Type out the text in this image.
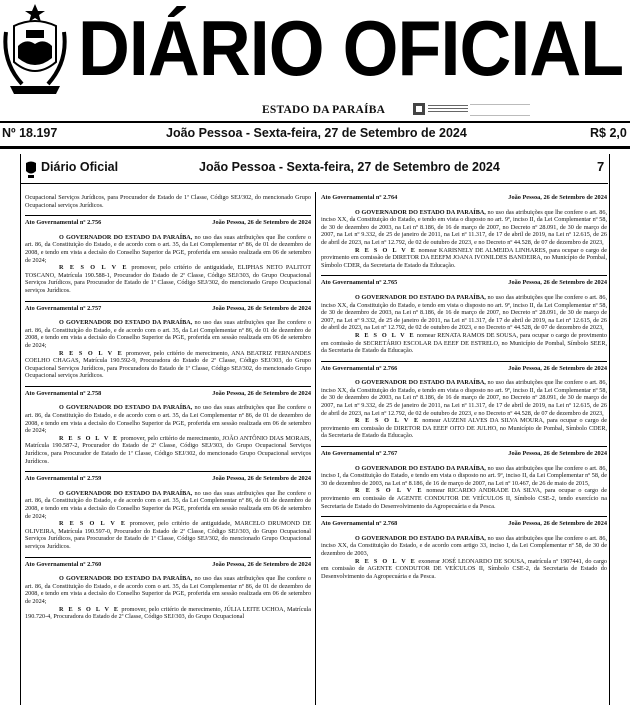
DIÁRIO OFICIAL
ESTADO DA PARAÍBA
Nº 18.197	João Pessoa - Sexta-feira, 27 de Setembro de 2024	R$ 2,0
Diário Oficial	João Pessoa - Sexta-feira, 27 de Setembro de 2024	7
Ocupacional Serviços Jurídicos, para Procurador de Estado de 1ª Classe, Código SEJ/302, do mencionado Grupo Ocupacional serviços Jurídicos.
Ato Governamental nº 2.756	João Pessoa, 26 de Setembro de 2024
O GOVERNADOR DO ESTADO DA PARAÍBA, no uso das suas atribuições que lhe confere o art. 86, da Constituição do Estado, e de acordo com o art. 35, da Lei Complementar nº 86, de 01 de dezembro de 2008, e tendo em vista a decisão do Conselho Superior da PGE, proferida em sessão realizada em 06 de setembro de 2024;
R E S O L V E promover, pelo critério de antiguidade, ELIPHAS NETO PALITOT TOSCANO, Matrícula 190.588-1, Procurador do Estado de 2ª Classe, Código SEJ/303, do Grupo Ocupacional Serviços Jurídicos, para Procurador de Estado de 1ª Classe, Código SEJ/302, do mencionado Grupo Ocupacional serviços Jurídicos.
Ato Governamental nº 2.757	João Pessoa, 26 de Setembro de 2024
O GOVERNADOR DO ESTADO DA PARAÍBA, no uso das suas atribuições que lhe confere o art. 86, da Constituição do Estado, e de acordo com o art. 35, da Lei Complementar nº 86, de 01 de dezembro de 2008, e tendo em vista a decisão do Conselho Superior da PGE, proferida em sessão realizada em 06 de setembro de 2024;
R E S O L V E promover, pelo critério de merecimento, ANA BEATRIZ FERNANDES COELHO CHAGAS, Matrícula 190.592-9, Procuradora do Estado de 2ª Classe, Código SEJ/303, do Grupo Ocupacional Serviços Jurídicos, para Procuradora do Estado de 1ª Classe, Código SEJ/302, do mencionado Grupo Ocupacional serviços Jurídicos.
Ato Governamental nº 2.758	João Pessoa, 26 de Setembro de 2024
O GOVERNADOR DO ESTADO DA PARAÍBA, no uso das suas atribuições que lhe confere o art. 86, da Constituição do Estado, e de acordo com o art. 35, da Lei Complementar nº 86, de 01 de dezembro de 2008, e tendo em vista a decisão do Conselho Superior da PGE, proferida em sessão realizada em 06 de setembro de 2024;
R E S O L V E promover, pelo critério de merecimento, JOÃO ANTÔNIO DIAS MORAIS, Matrícula 190.587-2, Procurador do Estado de 2ª Classe, Código SEJ/303, do Grupo Ocupacional Serviços Jurídicos, para Procurador de Estado de 1ª Classe, Código SEJ/302, do mencionado Grupo Ocupacional serviços Jurídicos.
Ato Governamental nº 2.759	João Pessoa, 26 de Setembro de 2024
O GOVERNADOR DO ESTADO DA PARAÍBA, no uso das suas atribuições que lhe confere o art. 86, da Constituição do Estado, e de acordo com o art. 35, da Lei Complementar nº 86, de 01 de dezembro de 2008, e tendo em vista a decisão do Conselho Superior da PGE, proferida em sessão realizada em 06 de setembro de 2024;
R E S O L V E promover, pelo critério de antiguidade, MARCELO DRUMOND DE OLIVEIRA, Matrícula 190.597-0, Procurador do Estado de 2ª Classe, Código SEJ/303, do Grupo Ocupacional Serviços Jurídicos, para Procurador de Estado de 1ª Classe, Código SEJ/302, do mencionado Grupo Ocupacional serviços Jurídicos.
Ato Governamental nº 2.760	João Pessoa, 26 de Setembro de 2024
O GOVERNADOR DO ESTADO DA PARAÍBA, no uso das suas atribuições que lhe confere o art. 86, da Constituição do Estado, e de acordo com o art. 35, da Lei Complementar nº 86, de 01 de dezembro de 2008, e tendo em vista a decisão do Conselho Superior da PGE, proferida em sessão realizada em 06 de setembro de 2024;
R E S O L V E promover, pelo critério de merecimento, JÚLIA LEITE UCHOA, Matrícula 190.720-4, Procuradora do Estado de 2ª Classe, Código SEJ/303, do Grupo Ocupacional
Ato Governamental nº 2.764	João Pessoa, 26 de Setembro de 2024
O GOVERNADOR DO ESTADO DA PARAÍBA, no uso das atribuições que lhe confere o art. 86, inciso XX, da Constituição do Estado, e tendo em vista o disposto no art. 9º, inciso II, da Lei Complementar nº 58, de 30 de dezembro de 2003, na Lei nº 8.186, de 16 de março de 2007, no Decreto nº 28.091, de 30 de março de 2007, na Lei nº 9.332, de 25 de janeiro de 2011, na Lei nº 11.317, de 17 de abril de 2019, na Lei nº 12.615, de 26 de abril de 2023, na Lei nº 12.792, de 02 de outubro de 2023, e no Decreto nº 44.528, de 07 de dezembro de 2023,
R E S O L V E nomear KARISNELY DE ALMEIDA LINHARES, para ocupar o cargo de provimento em comissão de DIRETOR DA EEEFM JOANA IVONILDES BANDEIRA, no Município de Pombal, Símbolo CDER, da Secretaria de Estado da Educação.
Ato Governamental nº 2.765	João Pessoa, 26 de Setembro de 2024
O GOVERNADOR DO ESTADO DA PARAÍBA, no uso das atribuições que lhe confere o art. 86, inciso XX, da Constituição do Estado, e tendo em vista o disposto no art. 9º, inciso II, da Lei Complementar nº 58, de 30 de dezembro de 2003, na Lei nº 8.186, de 16 de março de 2007, no Decreto nº 28.091, de 30 de março de 2007, na Lei nº 9.332, de 25 de janeiro de 2011, na Lei nº 11.317, de 17 de abril de 2019, na Lei nº 12.615, de 26 de abril de 2023, na Lei nº 12.792, de 02 de outubro de 2023, e no Decreto nº 44.528, de 07 de dezembro de 2023,
R E S O L V E nomear RENATA RAMOS DE SOUSA, para ocupar o cargo de provimento em comissão de SECRETÁRIO ESCOLAR DA EEEF DE ESTRELO, no Município de Pombal, Símbolo SEER, da Secretaria de Estado da Educação.
Ato Governamental nº 2.766	João Pessoa, 26 de Setembro de 2024
O GOVERNADOR DO ESTADO DA PARAÍBA, no uso das atribuições que lhe confere o art. 86, inciso XX, da Constituição do Estado, e tendo em vista o disposto no art. 9º, inciso II, da Lei Complementar nº 58, de 30 de dezembro de 2003, na Lei nº 8.186, de 16 de março de 2007, no Decreto nº 28.091, de 30 de março de 2007, na Lei nº 9.332, de 25 de janeiro de 2011, na Lei nº 11.317, de 17 de abril de 2019, na Lei nº 12.615, de 26 de abril de 2023, na Lei nº 12.792, de 02 de outubro de 2023, e no Decreto nº 44.528, de 07 de dezembro de 2023,
R E S O L V E nomear AUZENI ALVES DA SILVA MOURA, para ocupar o cargo de provimento em comissão de DIRETOR DA EEEF OITO DE JULHO, no Município de Pombal, Símbolo CDER, da Secretaria de Estado da Educação.
Ato Governamental nº 2.767	João Pessoa, 26 de Setembro de 2024
O GOVERNADOR DO ESTADO DA PARAÍBA, no uso das atribuições que lhe confere o art. 86, inciso I, da Constituição do Estado, e tendo em vista o disposto no art. 9º, inciso II, da Lei Complementar nº 58, de 30 de dezembro de 2003, na Lei nº 8.186, de 16 de março de 2007, na Lei nº 10.467, de 26 de maio de 2015,
R E S O L V E nomear RICARDO ANDRADE DA SILVA, para ocupar o cargo de provimento em comissão de AGENTE CONDUTOR DE VEÍCULOS II, Símbolo CSE-2, tendo exercício na Secretaria de Estado do Desenvolvimento da Agropecuária e da Pesca.
Ato Governamental nº 2.768	João Pessoa, 26 de Setembro de 2024
O GOVERNADOR DO ESTADO DA PARAÍBA, no uso das atribuições que lhe confere o art. 86, inciso XX, da Constituição do Estado, e de acordo com artigo 33, inciso I, da Lei Complementar nº 58, de 30 de dezembro de 2003,
R E S O L V E exonerar JOSÉ LEONARDO DE SOUSA, matrícula nº 1907441, do cargo em comissão de AGENTE CONDUTOR DE VEÍCULOS II, Símbolo CSE-2, da Secretaria de Estado do Desenvolvimento da Agropecuária e da Pesca.
